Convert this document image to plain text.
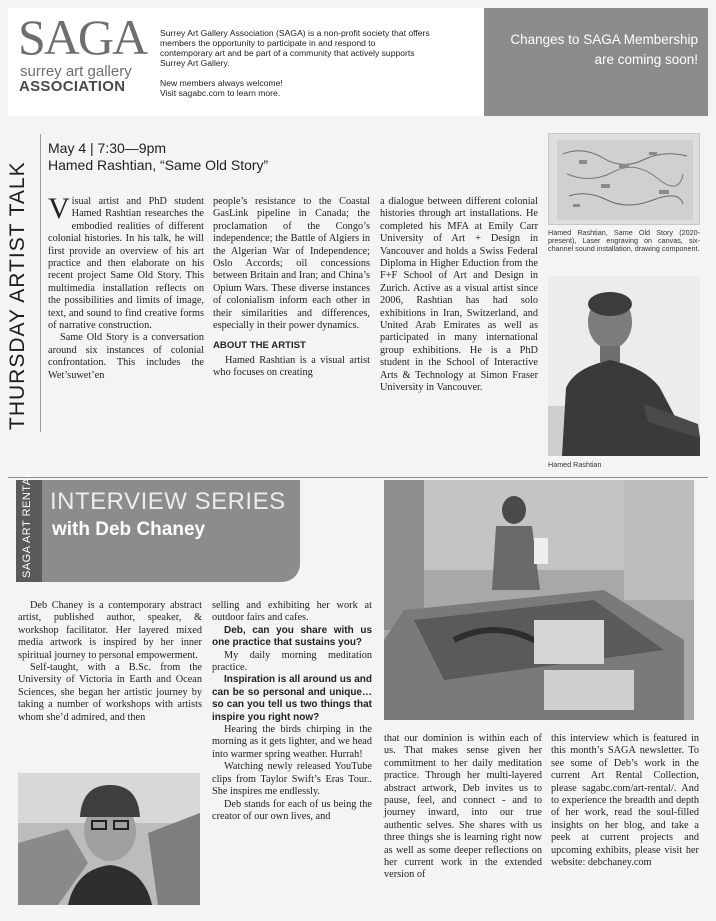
SAGA
surrey art gallery
ASSOCIATION
Surrey Art Gallery Association (SAGA) is a non-profit society that offers members the opportunity to participate in and respond to contemporary art and be part of a community that actively supports Surrey Art Gallery.
New members always welcome!
Visit sagabc.com to learn more.
Changes to SAGA Membership
are coming soon!
THURSDAY ARTIST TALK
May 4 | 7:30—9pm
Hamed Rashtian, “Same Old Story”

Visual artist and PhD student Hamed Rashtian researches the embodied realities of different colonial histories. In his talk, he will first provide an overview of his art practice and then elaborate on his recent project Same Old Story. This multimedia installation reflects on the possibilities and limits of image, text, and sound to find creative forms of narrative construction.

Same Old Story is a conversation around six instances of colonial confrontation. This includes the Wet’suwet’en

people’s resistance to the Coastal GasLink pipeline in Canada; the proclamation of the Congo’s independence; the Battle of Algiers in the Algerian War of Independence; Oslo Accords; oil concessions between Britain and Iran; and China’s Opium Wars. These diverse instances of colonialism inform each other in their similarities and differences, especially in their power dynamics.

ABOUT THE ARTIST

Hamed Rashtian is a visual artist who focuses on creating

a dialogue between different colonial histories through art installations. He completed his MFA at Emily Carr University of Art + Design in Vancouver and holds a Swiss Federal Diploma in Higher Eduction from the F+F School of Art and Design in Zurich. Active as a visual artist since 2006, Rashtian has had solo exhibitions in Iran, Switzerland, and United Arab Emirates as well as participated in many international group exhibitions. He is a PhD student in the School of Interactive Arts & Technology at Simon Fraser University in Vancouver.

Hamed Rashtian, Same Old Story (2020-present), Laser engraving on canvas, six-channel sound installation, drawing component.
Hamed Rashtian
SAGA ART RENTAL INTERVIEW SERIES
with Deb Chaney

Deb Chaney is a contemporary abstract artist, published author, speaker, & workshop facilitator. Her layered mixed media artwork is inspired by her inner spiritual journey to personal empowerment.

Self-taught, with a B.Sc. from the University of Victoria in Earth and Ocean Sciences, she began her artistic journey by taking a number of workshops with artists whom she’d admired, and then

selling and exhibiting her work at outdoor fairs and cafes.

Deb, can you share with us one practice that sustains you?

My daily morning meditation practice.

Inspiration is all around us and can be so personal and unique…so can you tell us two things that inspire you right now?

Hearing the birds chirping in the morning as it gets lighter, and we head into warmer spring weather. Hurrah!

Watching newly released YouTube clips from Taylor Swift’s Eras Tour.. She inspires me endlessly.

Deb stands for each of us being the creator of our own lives, and

that our dominion is within each of us. That makes sense given her commitment to her daily meditation practice. Through her multi-layered abstract artwork, Deb invites us to pause, feel, and connect - and to journey inward, into our true authentic selves. She shares with us three things she is learning right now as well as some deeper reflections on her current work in the extended version of

this interview which is featured in this month’s SAGA newsletter. To see some of Deb’s work in the current Art Rental Collection, please sagabc.com/art-rental/. And to experience the breadth and depth of her work, read the soul-filled insights on her blog, and take a peek at current projects and upcoming exhibits, please visit her website: debchaney.com
